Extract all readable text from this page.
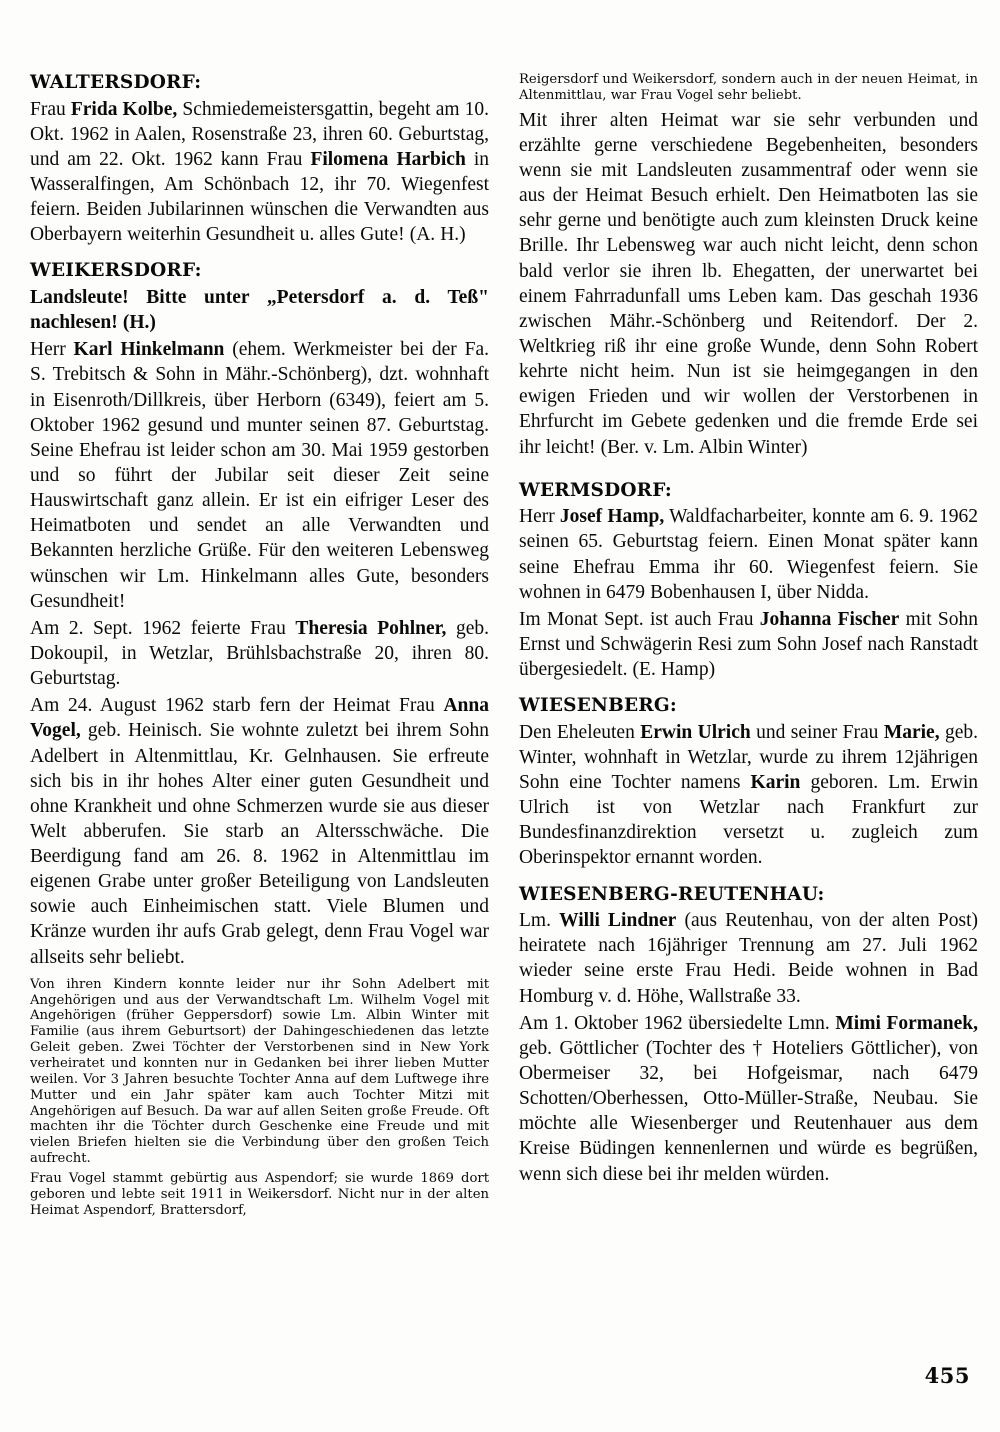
WALTERSDORF:

Frau Frida Kolbe, Schmiedemeistersgattin, begeht am 10. Okt. 1962 in Aalen, Rosenstraße 23, ihren 60. Geburtstag, und am 22. Okt. 1962 kann Frau Filomena Harbich in Wasseralfingen, Am Schönbach 12, ihr 70. Wiegenfest feiern. Beiden Jubilarinnen wünschen die Verwandten aus Oberbayern weiterhin Gesundheit u. alles Gute! (A. H.)

WEIKERSDORF:

Landsleute! Bitte unter „Petersdorf a. d. Teß" nachlesen! (H.)

Herr Karl Hinkelmann (ehem. Werkmeister bei der Fa. S. Trebitsch & Sohn in Mähr.-Schönberg), dzt. wohnhaft in Eisenroth/Dillkreis, über Herborn (6349), feiert am 5. Oktober 1962 gesund und munter seinen 87. Geburtstag. Seine Ehefrau ist leider schon am 30. Mai 1959 gestorben und so führt der Jubilar seit dieser Zeit seine Hauswirtschaft ganz allein. Er ist ein eifriger Leser des Heimatboten und sendet an alle Verwandten und Bekannten herzliche Grüße. Für den weiteren Lebensweg wünschen wir Lm. Hinkelmann alles Gute, besonders Gesundheit!

Am 2. Sept. 1962 feierte Frau Theresia Pohlner, geb. Dokoupil, in Wetzlar, Brühlsbachstraße 20, ihren 80. Geburtstag.

Am 24. August 1962 starb fern der Heimat Frau Anna Vogel, geb. Heinisch. Sie wohnte zuletzt bei ihrem Sohn Adelbert in Altenmittlau, Kr. Gelnhausen. Sie erfreute sich bis in ihr hohes Alter einer guten Gesundheit und ohne Krankheit und ohne Schmerzen wurde sie aus dieser Welt abberufen. Sie starb an Altersschwäche. Die Beerdigung fand am 26. 8. 1962 in Altenmittlau im eigenen Grabe unter großer Beteiligung von Landsleuten sowie auch Einheimischen statt. Viele Blumen und Kränze wurden ihr aufs Grab gelegt, denn Frau Vogel war allseits sehr beliebt.

Von ihren Kindern konnte leider nur ihr Sohn Adelbert mit Angehörigen und aus der Verwandtschaft Lm. Wilhelm Vogel mit Angehörigen (früher Geppersdorf) sowie Lm. Albin Winter mit Familie (aus ihrem Geburtsort) der Dahingeschiedenen das letzte Geleit geben. Zwei Töchter der Verstorbenen sind in New York verheiratet und konnten nur in Gedanken bei ihrer lieben Mutter weilen. Vor 3 Jahren besuchte Tochter Anna auf dem Luftwege ihre Mutter und ein Jahr später kam auch Tochter Mitzi mit Angehörigen auf Besuch. Da war auf allen Seiten große Freude. Oft machten ihr die Töchter durch Geschenke eine Freude und mit vielen Briefen hielten sie die Verbindung über den großen Teich aufrecht.

Frau Vogel stammt gebürtig aus Aspendorf; sie wurde 1869 dort geboren und lebte seit 1911 in Weikersdorf. Nicht nur in der alten Heimat Aspendorf, Brattersdorf,

Reigersdorf und Weikersdorf, sondern auch in der neuen Heimat, in Altenmittlau, war Frau Vogel sehr beliebt.

Mit ihrer alten Heimat war sie sehr verbunden und erzählte gerne verschiedene Begebenheiten, besonders wenn sie mit Landsleuten zusammentraf oder wenn sie aus der Heimat Besuch erhielt. Den Heimatboten las sie sehr gerne und benötigte auch zum kleinsten Druck keine Brille. Ihr Lebensweg war auch nicht leicht, denn schon bald verlor sie ihren lb. Ehegatten, der unerwartet bei einem Fahrradunfall ums Leben kam. Das geschah 1936 zwischen Mähr.-Schönberg und Reitendorf. Der 2. Weltkrieg riß ihr eine große Wunde, denn Sohn Robert kehrte nicht heim. Nun ist sie heimgegangen in den ewigen Frieden und wir wollen der Verstorbenen in Ehrfurcht im Gebete gedenken und die fremde Erde sei ihr leicht! (Ber. v. Lm. Albin Winter)

WERMSDORF:

Herr Josef Hamp, Waldfacharbeiter, konnte am 6. 9. 1962 seinen 65. Geburtstag feiern. Einen Monat später kann seine Ehefrau Emma ihr 60. Wiegenfest feiern. Sie wohnen in 6479 Bobenhausen I, über Nidda.

Im Monat Sept. ist auch Frau Johanna Fischer mit Sohn Ernst und Schwägerin Resi zum Sohn Josef nach Ranstadt übergesiedelt. (E. Hamp)

WIESENBERG:

Den Eheleuten Erwin Ulrich und seiner Frau Marie, geb. Winter, wohnhaft in Wetzlar, wurde zu ihrem 12jährigen Sohn eine Tochter namens Karin geboren. Lm. Erwin Ulrich ist von Wetzlar nach Frankfurt zur Bundesfinanzdirektion versetzt u. zugleich zum Oberinspektor ernannt worden.

WIESENBERG-REUTENHAU:

Lm. Willi Lindner (aus Reutenhau, von der alten Post) heiratete nach 16jähriger Trennung am 27. Juli 1962 wieder seine erste Frau Hedi. Beide wohnen in Bad Homburg v. d. Höhe, Wallstraße 33.

Am 1. Oktober 1962 übersiedelte Lmn. Mimi Formanek, geb. Göttlicher (Tochter des † Hoteliers Göttlicher), von Obermeiser 32, bei Hofgeismar, nach 6479 Schotten/Oberhessen, Otto-Müller-Straße, Neubau. Sie möchte alle Wiesenberger und Reutenhauer aus dem Kreise Büdingen kennenlernen und würde es begrüßen, wenn sich diese bei ihr melden würden.

455
